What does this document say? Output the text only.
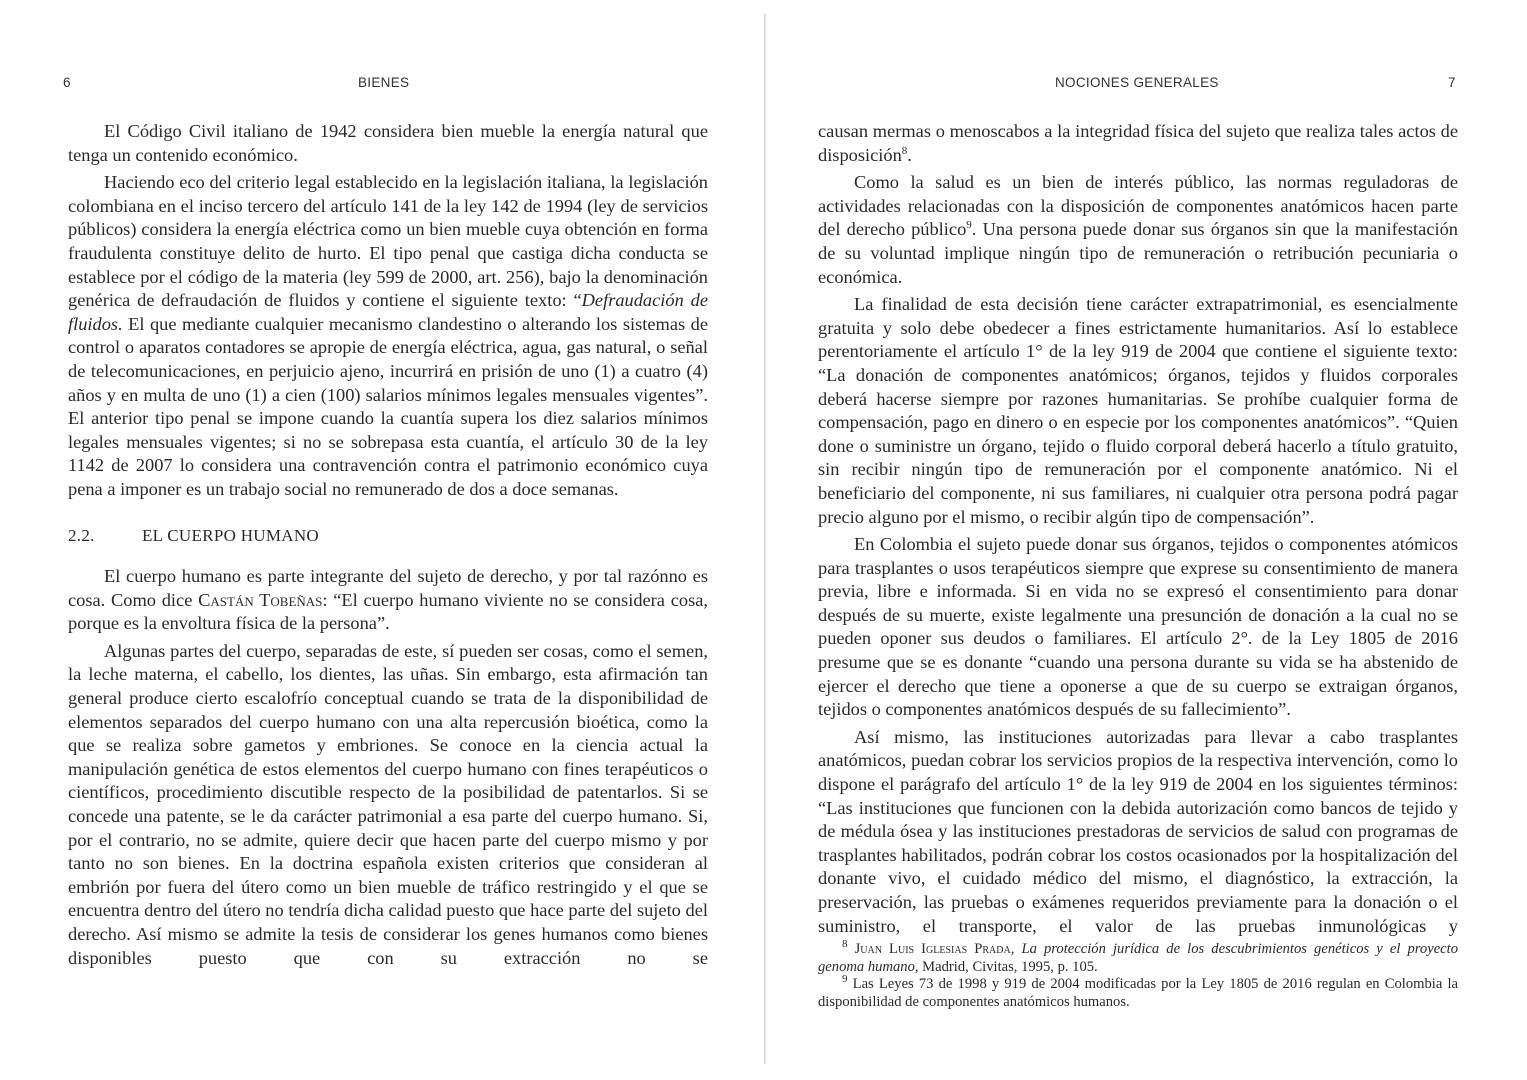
6	BIENES

El Código Civil italiano de 1942 considera bien mueble la energía natural que tenga un contenido económico.

Haciendo eco del criterio legal establecido en la legislación italiana, la legislación colombiana en el inciso tercero del artículo 141 de la ley 142 de 1994 (ley de servicios públicos) considera la energía eléctrica como un bien mueble cuya obtención en forma fraudulenta constituye delito de hurto. El tipo penal que castiga dicha conducta se establece por el código de la materia (ley 599 de 2000, art. 256), bajo la denominación genérica de defraudación de fluidos y contiene el siguiente texto: “Defraudación de fluidos. El que mediante cualquier mecanismo clandestino o alterando los sistemas de control o aparatos contadores se apropie de energía eléctrica, agua, gas natural, o señal de telecomunicaciones, en perjuicio ajeno, incurrirá en prisión de uno (1) a cuatro (4) años y en multa de uno (1) a cien (100) salarios mínimos legales mensuales vigentes”. El anterior tipo penal se impone cuando la cuantía supera los diez salarios mínimos legales mensuales vigentes; si no se sobrepasa esta cuantía, el artículo 30 de la ley 1142 de 2007 lo considera una contravención contra el patrimonio económico cuya pena a imponer es un trabajo social no remunerado de dos a doce semanas.

2.2.	EL CUERPO HUMANO

El cuerpo humano es parte integrante del sujeto de derecho, y por tal razónno es cosa. Como dice Castán Tobeñas: “El cuerpo humano viviente no se considera cosa, porque es la envoltura física de la persona”.

Algunas partes del cuerpo, separadas de este, sí pueden ser cosas, como el semen, la leche materna, el cabello, los dientes, las uñas. Sin embargo, esta afirmación tan general produce cierto escalofrío conceptual cuando se trata de la disponibilidad de elementos separados del cuerpo humano con una alta repercusión bioética, como la que se realiza sobre gametos y embriones. Se conoce en la ciencia actual la manipulación genética de estos elementos del cuerpo humano con fines terapéuticos o científicos, procedimiento discutible respecto de la posibilidad de patentarlos. Si se concede una patente, se le da carácter patrimonial a esa parte del cuerpo humano. Si, por el contrario, no se admite, quiere decir que hacen parte del cuerpo mismo y por tanto no son bienes. En la doctrina española existen criterios que consideran al embrión por fuera del útero como un bien mueble de tráfico restringido y el que se encuentra dentro del útero no tendría dicha calidad puesto que hace parte del sujeto del derecho. Así mismo se admite la tesis de considerar los genes humanos como bienes disponibles puesto que con su extracción no se

NOCIONES GENERALES	7

causan mermas o menoscabos a la integridad física del sujeto que realiza tales actos de disposición$^8$.

Como la salud es un bien de interés público, las normas reguladoras de actividades relacionadas con la disposición de componentes anatómicos hacen parte del derecho público$^9$. Una persona puede donar sus órganos sin que la manifestación de su voluntad implique ningún tipo de remuneración o retribución pecuniaria o económica.

La finalidad de esta decisión tiene carácter extrapatrimonial, es esencialmente gratuita y solo debe obedecer a fines estrictamente humanitarios. Así lo establece perentoriamente el artículo 1° de la ley 919 de 2004 que contiene el siguiente texto: “La donación de componentes anatómicos; órganos, tejidos y fluidos corporales deberá hacerse siempre por razones humanitarias. Se prohíbe cualquier forma de compensación, pago en dinero o en especie por los componentes anatómicos”. “Quien done o suministre un órgano, tejido o fluido corporal deberá hacerlo a título gratuito, sin recibir ningún tipo de remuneración por el componente anatómico. Ni el beneficiario del componente, ni sus familiares, ni cualquier otra persona podrá pagar precio alguno por el mismo, o recibir algún tipo de compensación”.

En Colombia el sujeto puede donar sus órganos, tejidos o componentes atómicos para trasplantes o usos terapéuticos siempre que exprese su consentimiento de manera previa, libre e informada. Si en vida no se expresó el consentimiento para donar después de su muerte, existe legalmente una presunción de donación a la cual no se pueden oponer sus deudos o familiares. El artículo 2°. de la Ley 1805 de 2016 presume que se es donante “cuando una persona durante su vida se ha abstenido de ejercer el derecho que tiene a oponerse a que de su cuerpo se extraigan órganos, tejidos o componentes anatómicos después de su fallecimiento”.

Así mismo, las instituciones autorizadas para llevar a cabo trasplantes anatómicos, puedan cobrar los servicios propios de la respectiva intervención, como lo dispone el parágrafo del artículo 1° de la ley 919 de 2004 en los siguientes términos: “Las instituciones que funcionen con la debida autorización como bancos de tejido y de médula ósea y las instituciones prestadoras de servicios de salud con programas de trasplantes habilitados, podrán cobrar los costos ocasionados por la hospitalización del donante vivo, el cuidado médico del mismo, el diagnóstico, la extracción, la preservación, las pruebas o exámenes requeridos previamente para la donación o el suministro, el transporte, el valor de las pruebas inmunológicas y

$^8$ Juan Luis Iglesias Prada, La protección jurídica de los descubrimientos genéticos y el proyecto genoma humano, Madrid, Civitas, 1995, p. 105.

$^9$ Las Leyes 73 de 1998 y 919 de 2004 modificadas por la Ley 1805 de 2016 regulan en Colombia la disponibilidad de componentes anatómicos humanos.
